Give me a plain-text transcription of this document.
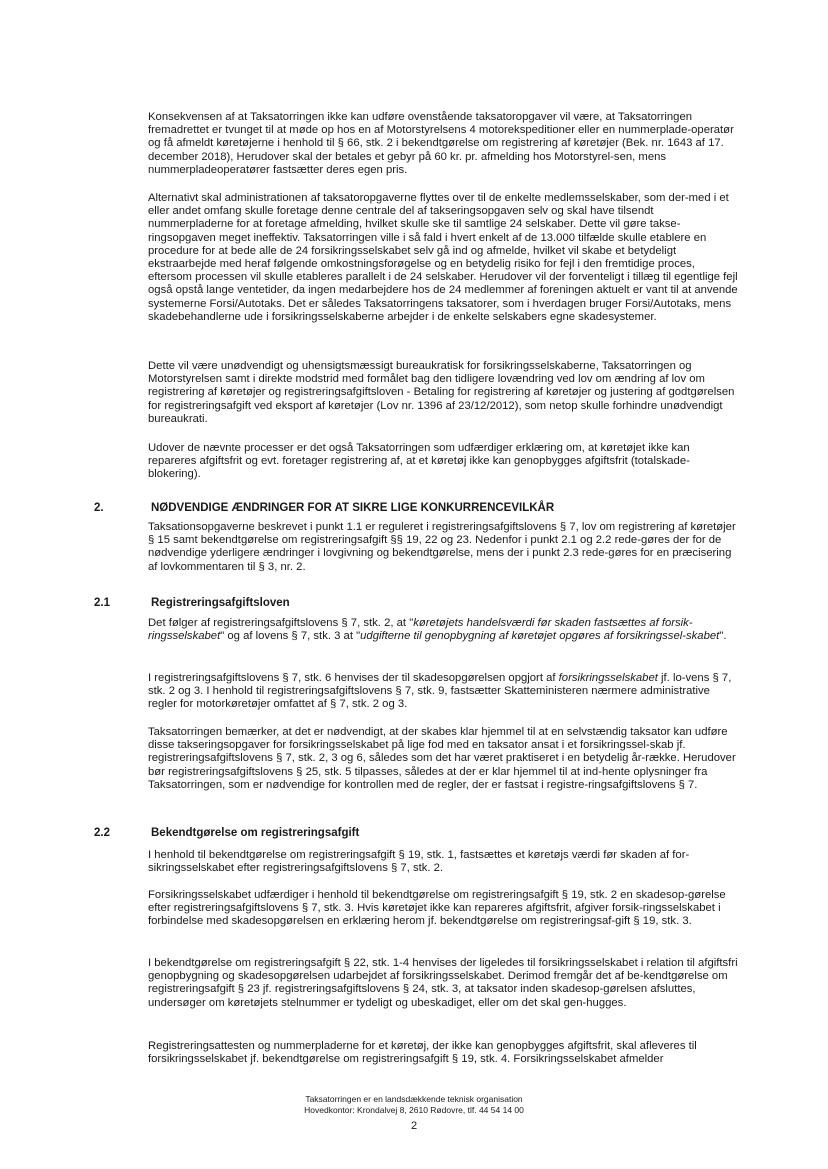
Konsekvensen af at Taksatorringen ikke kan udføre ovenstående taksatoropgaver vil være, at Taksatorringen fremadrettet er tvunget til at møde op hos en af Motorstyrelsens 4 motorekspeditioner eller en nummerplade-operatør og få afmeldt køretøjerne i henhold til § 66, stk. 2 i bekendtgørelse om registrering af køretøjer (Bek. nr. 1643 af 17. december 2018), Herudover skal der betales et gebyr på 60 kr. pr. afmelding hos Motorstyrel-sen, mens nummerpladeoperatører fastsætter deres egen pris.

Alternativt skal administrationen af taksatoropgaverne flyttes over til de enkelte medlemsselskaber, som der-med i et eller andet omfang skulle foretage denne centrale del af takseringsopgaven selv og skal have tilsendt nummerpladerne for at foretage afmelding, hvilket skulle ske til samtlige 24 selskaber. Dette vil gøre takse-ringsopgaven meget ineffektiv. Taksatorringen ville i så fald i hvert enkelt af de 13.000 tilfælde skulle etablere en procedure for at bede alle de 24 forsikringsselskabet selv gå ind og afmelde, hvilket vil skabe et betydeligt ekstraarbejde med heraf følgende omkostningsforøgelse og en betydelig risiko for fejl i den fremtidige proces, eftersom processen vil skulle etableres parallelt i de 24 selskaber. Herudover vil der forventeligt i tillæg til egentlige fejl også opstå lange ventetider, da ingen medarbejdere hos de 24 medlemmer af foreningen aktuelt er vant til at anvende systemerne Forsi/Autotaks. Det er således Taksatorringens taksatorer, som i hverdagen bruger Forsi/Autotaks, mens skadebehandlerne ude i forsikringsselskaberne arbejder i de enkelte selskabers egne skadesystemer.

Dette vil være unødvendigt og uhensigtsmæssigt bureaukratisk for forsikringsselskaberne, Taksatorringen og Motorstyrelsen samt i direkte modstrid med formålet bag den tidligere lovændring ved lov om ændring af lov om registrering af køretøjer og registreringsafgiftsloven - Betaling for registrering af køretøjer og justering af godtgørelsen for registreringsafgift ved eksport af køretøjer (Lov nr. 1396 af 23/12/2012), som netop skulle forhindre unødvendigt bureaukrati.

Udover de nævnte processer er det også Taksatorringen som udfærdiger erklæring om, at køretøjet ikke kan repareres afgiftsfrit og evt. foretager registrering af, at et køretøj ikke kan genopbygges afgiftsfrit (totalskade-blokering).

2.	NØDVENDIGE ÆNDRINGER FOR AT SIKRE LIGE KONKURRENCEVILKÅR

Taksationsopgaverne beskrevet i punkt 1.1 er reguleret i registreringsafgiftslovens § 7, lov om registrering af køretøjer § 15 samt bekendtgørelse om registreringsafgift §§ 19, 22 og 23. Nedenfor i punkt 2.1 og 2.2 rede-gøres der for de nødvendige yderligere ændringer i lovgivning og bekendtgørelse, mens der i punkt 2.3 rede-gøres for en præcisering af lovkommentaren til § 3, nr. 2.

2.1	Registreringsafgiftsloven

Det følger af registreringsafgiftslovens § 7, stk. 2, at "køretøjets handelsværdi før skaden fastsættes af forsik-ringsselskabet" og af lovens § 7, stk. 3 at "udgifterne til genopbygning af køretøjet opgøres af forsikringssel-skabet".

I registreringsafgiftslovens § 7, stk. 6 henvises der til skadesopgørelsen opgjort af forsikringsselskabet jf. lo-vens § 7, stk. 2 og 3. I henhold til registreringsafgiftslovens § 7, stk. 9, fastsætter Skatteministeren nærmere administrative regler for motorkøretøjer omfattet af § 7, stk. 2 og 3.

Taksatorringen bemærker, at det er nødvendigt, at der skabes klar hjemmel til at en selvstændig taksator kan udføre disse takseringsopgaver for forsikringsselskabet på lige fod med en taksator ansat i et forsikringssel-skab jf. registreringsafgiftslovens § 7, stk. 2, 3 og 6, således som det har været praktiseret i en betydelig år-række. Herudover bør registreringsafgiftslovens § 25, stk. 5 tilpasses, således at der er klar hjemmel til at ind-hente oplysninger fra Taksatorringen, som er nødvendige for kontrollen med de regler, der er fastsat i registre-ringsafgiftslovens § 7.

2.2	Bekendtgørelse om registreringsafgift

I henhold til bekendtgørelse om registreringsafgift § 19, stk. 1, fastsættes et køretøjs værdi før skaden af for-sikringsselskabet efter registreringsafgiftslovens § 7, stk. 2.

Forsikringsselskabet udfærdiger i henhold til bekendtgørelse om registreringsafgift § 19, stk. 2 en skadesop-gørelse efter registreringsafgiftslovens § 7, stk. 3. Hvis køretøjet ikke kan repareres afgiftsfrit, afgiver forsik-ringsselskabet i forbindelse med skadesopgørelsen en erklæring herom jf. bekendtgørelse om registreringsaf-gift § 19, stk. 3.

I bekendtgørelse om registreringsafgift § 22, stk. 1-4 henvises der ligeledes til forsikringsselskabet i relation til afgiftsfri genopbygning og skadesopgørelsen udarbejdet af forsikringsselskabet. Derimod fremgår det af be-kendtgørelse om registreringsafgift § 23 jf. registreringsafgiftslovens § 24, stk. 3, at taksator inden skadesop-gørelsen afsluttes, undersøger om køretøjets stelnummer er tydeligt og ubeskadiget, eller om det skal gen-hugges.

Registreringsattesten og nummerpladerne for et køretøj, der ikke kan genopbygges afgiftsfrit, skal afleveres til forsikringsselskabet jf. bekendtgørelse om registreringsafgift § 19, stk. 4. Forsikringsselskabet afmelder

Taksatorringen er en landsdækkende teknisk organisation
Hovedkontor: Krondalvej 8, 2610 Rødovre, tlf. 44 54 14 00
2
